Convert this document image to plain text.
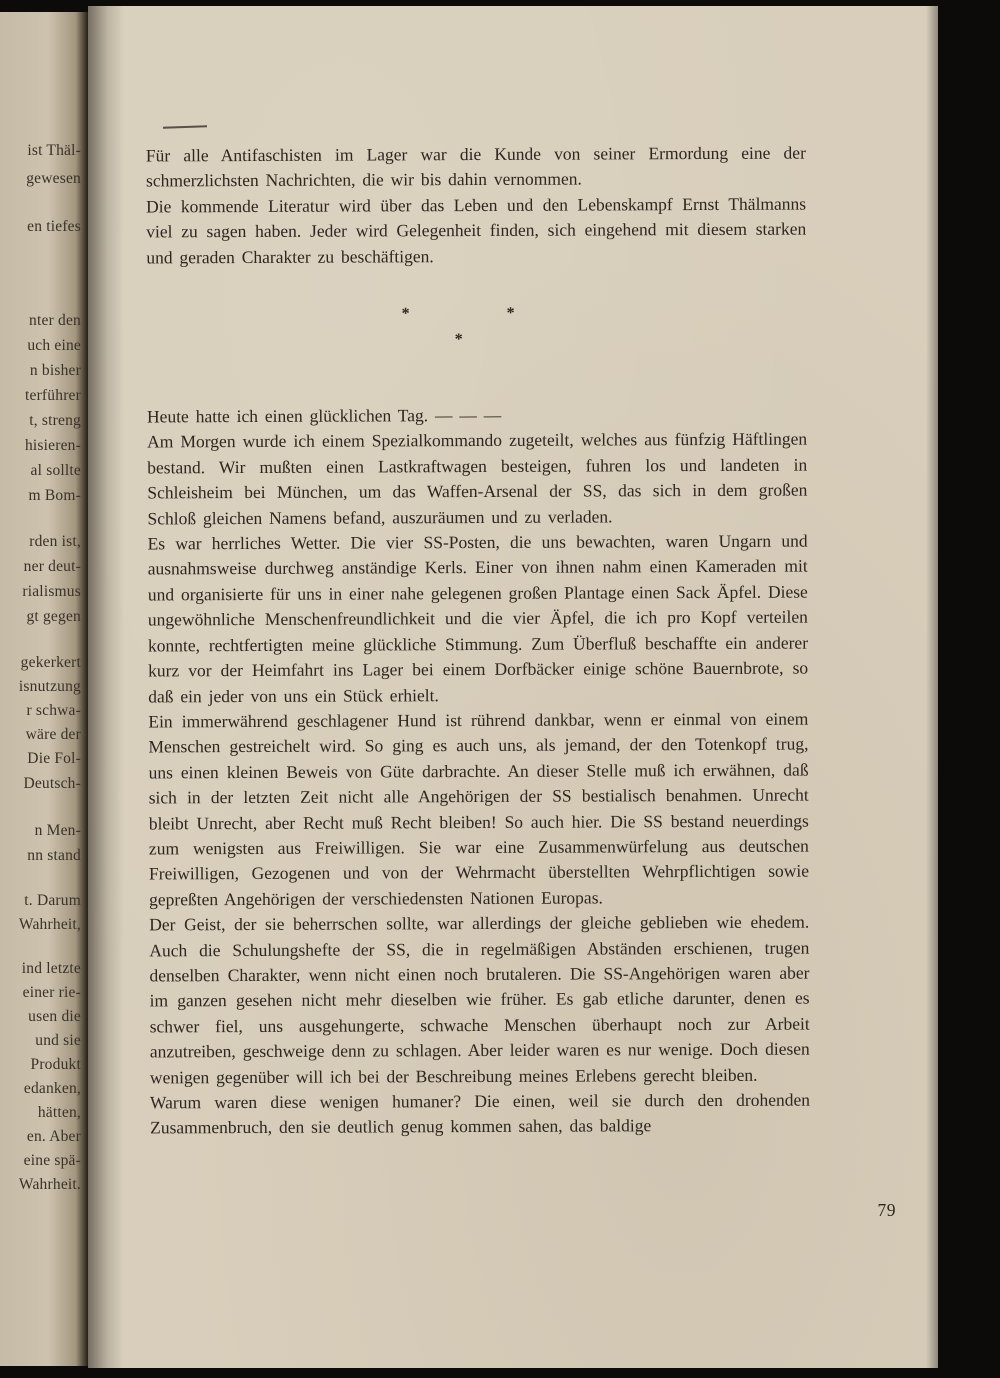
ist Thäl-
gewesen
en tiefes
nter den
uch eine
n bisher
terführer
t, streng
hisieren-
al sollte
m Bom-
rden ist,
ner deut-
rialismus
gt gegen
gekerkert
isnutzung
r schwa-
wäre der
Die Fol-
Deutsch-
n Men-
nn stand
t. Darum
Wahrheit,
ind letzte
einer rie-
usen die
und sie
Produkt
edanken,
hätten,
en. Aber
eine spä-
Wahrheit.

Für alle Antifaschisten im Lager war die Kunde von seiner Ermordung eine der schmerzlichsten Nachrichten, die wir bis dahin vernommen.

Die kommende Literatur wird über das Leben und den Lebenskampf Ernst Thälmanns viel zu sagen haben. Jeder wird Gelegenheit finden, sich eingehend mit diesem starken und geraden Charakter zu beschäftigen.

*	*
*

Heute hatte ich einen glücklichen Tag. — — —

Am Morgen wurde ich einem Spezialkommando zugeteilt, welches aus fünfzig Häftlingen bestand. Wir mußten einen Lastkraftwagen besteigen, fuhren los und landeten in Schleisheim bei München, um das Waffen-Arsenal der SS, das sich in dem großen Schloß gleichen Namens befand, auszuräumen und zu verladen.

Es war herrliches Wetter. Die vier SS-Posten, die uns bewachten, waren Ungarn und ausnahmsweise durchweg anständige Kerls. Einer von ihnen nahm einen Kameraden mit und organisierte für uns in einer nahe gelegenen großen Plantage einen Sack Äpfel. Diese ungewöhnliche Menschenfreundlichkeit und die vier Äpfel, die ich pro Kopf verteilen konnte, rechtfertigten meine glückliche Stimmung. Zum Überfluß beschaffte ein anderer kurz vor der Heimfahrt ins Lager bei einem Dorfbäcker einige schöne Bauernbrote, so daß ein jeder von uns ein Stück erhielt.

Ein immerwährend geschlagener Hund ist rührend dankbar, wenn er einmal von einem Menschen gestreichelt wird. So ging es auch uns, als jemand, der den Totenkopf trug, uns einen kleinen Beweis von Güte darbrachte. An dieser Stelle muß ich erwähnen, daß sich in der letzten Zeit nicht alle Angehörigen der SS bestialisch benahmen. Unrecht bleibt Unrecht, aber Recht muß Recht bleiben! So auch hier. Die SS bestand neuerdings zum wenigsten aus Freiwilligen. Sie war eine Zusammenwürfelung aus deutschen Freiwilligen, Gezogenen und von der Wehrmacht überstellten Wehrpflichtigen sowie gepreßten Angehörigen der verschiedensten Nationen Europas.

Der Geist, der sie beherrschen sollte, war allerdings der gleiche geblieben wie ehedem. Auch die Schulungshefte der SS, die in regelmäßigen Abständen erschienen, trugen denselben Charakter, wenn nicht einen noch brutaleren. Die SS-Angehörigen waren aber im ganzen gesehen nicht mehr dieselben wie früher. Es gab etliche darunter, denen es schwer fiel, uns ausgehungerte, schwache Menschen überhaupt noch zur Arbeit anzutreiben, geschweige denn zu schlagen. Aber leider waren es nur wenige. Doch diesen wenigen gegenüber will ich bei der Beschreibung meines Erlebens gerecht bleiben.

Warum waren diese wenigen humaner? Die einen, weil sie durch den drohenden Zusammenbruch, den sie deutlich genug kommen sahen, das baldige

79
